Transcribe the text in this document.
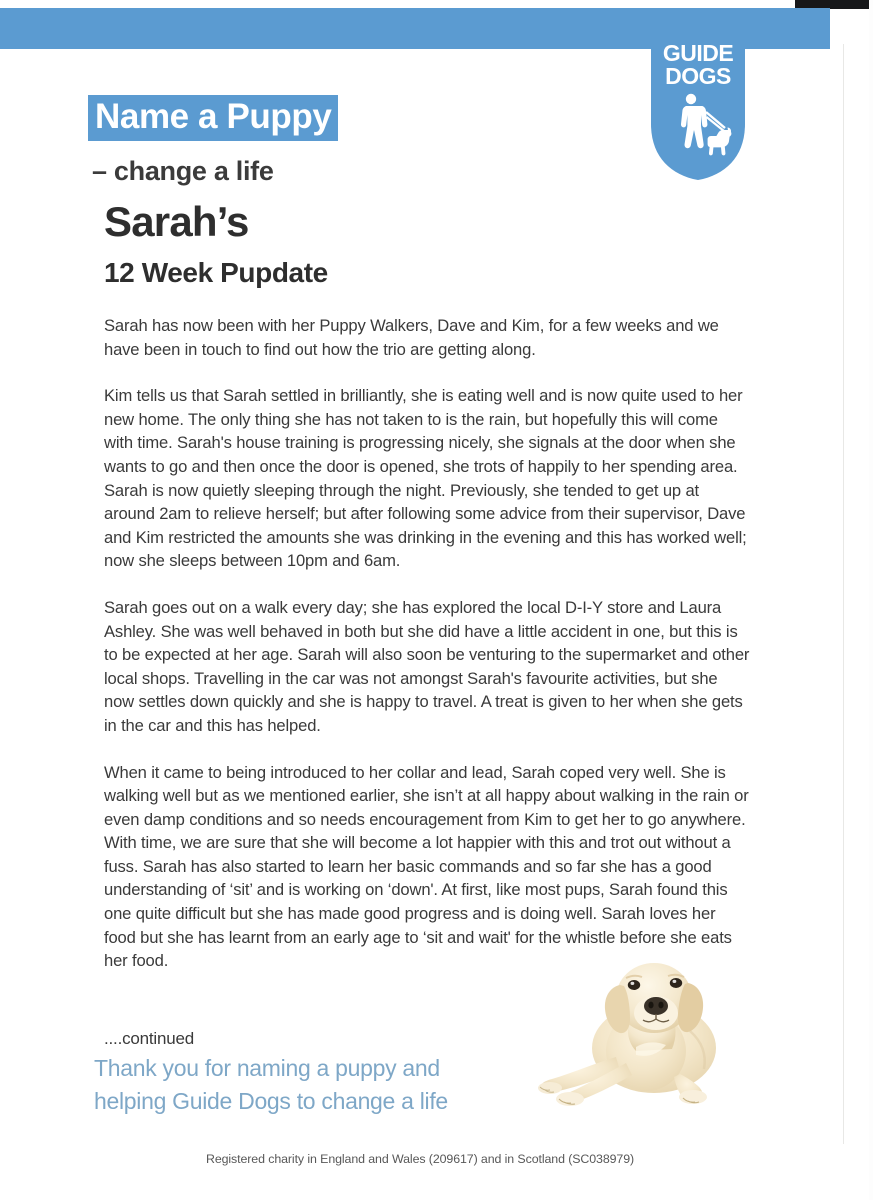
GUIDE
DOGS
Name a Puppy
– change a life
Sarah’s
12 Week Pupdate

Sarah has now been with her Puppy Walkers, Dave and Kim, for a few weeks and we have been in touch to find out how the trio are getting along.

Kim tells us that Sarah settled in brilliantly, she is eating well and is now quite used to her new home. The only thing she has not taken to is the rain, but hopefully this will come with time. Sarah's house training is progressing nicely, she signals at the door when she wants to go and then once the door is opened, she trots of happily to her spending area. Sarah is now quietly sleeping through the night. Previously, she tended to get up at around 2am to relieve herself; but after following some advice from their supervisor, Dave and Kim restricted the amounts she was drinking in the evening and this has worked well; now she sleeps between 10pm and 6am.

Sarah goes out on a walk every day; she has explored the local D-I-Y store and Laura Ashley. She was well behaved in both but she did have a little accident in one, but this is to be expected at her age. Sarah will also soon be venturing to the supermarket and other local shops. Travelling in the car was not amongst Sarah's favourite activities, but she now settles down quickly and she is happy to travel. A treat is given to her when she gets in the car and this has helped.

When it came to being introduced to her collar and lead, Sarah coped very well. She is walking well but as we mentioned earlier, she isn’t at all happy about walking in the rain or even damp conditions and so needs encouragement from Kim to get her to go anywhere. With time, we are sure that she will become a lot happier with this and trot out without a fuss. Sarah has also started to learn her basic commands and so far she has a good understanding of ‘sit’ and is working on ‘down'. At first, like most pups, Sarah found this one quite difficult but she has made good progress and is doing well. Sarah loves her food but she has learnt from an early age to ‘sit and wait' for the whistle before she eats her food.

....continued
Thank you for naming a puppy and
helping Guide Dogs to change a life
Registered charity in England and Wales (209617) and in Scotland (SC038979)
